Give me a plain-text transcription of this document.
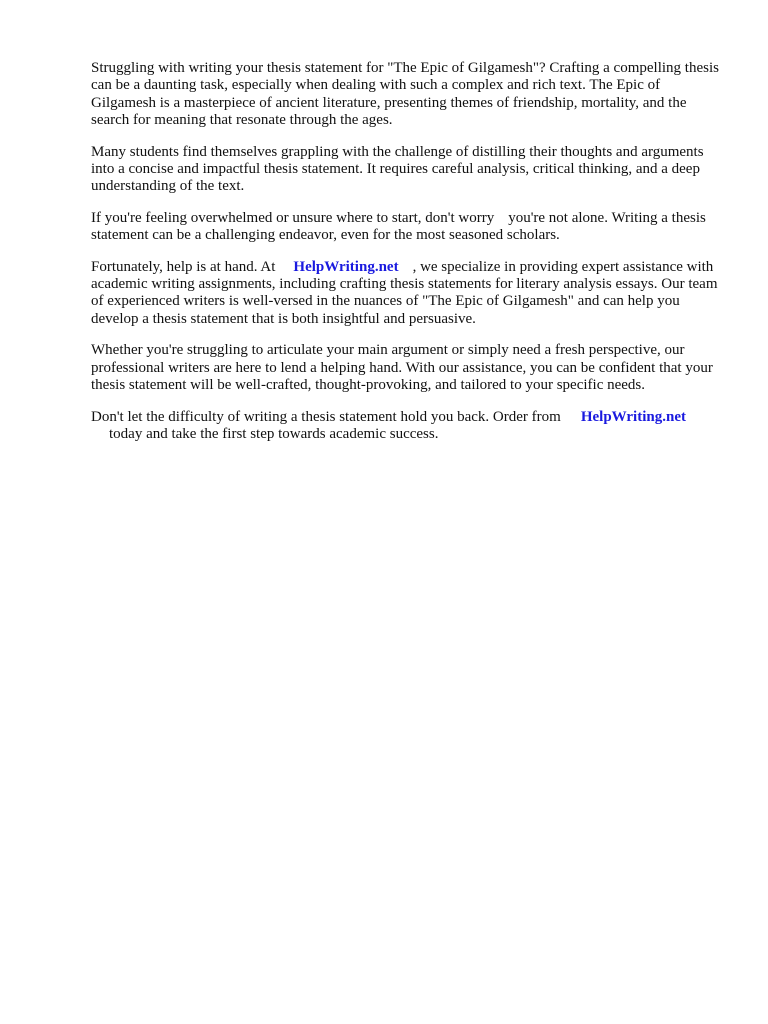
Struggling with writing your thesis statement for "The Epic of Gilgamesh"? Crafting a compelling thesis can be a daunting task, especially when dealing with such a complex and rich text. The Epic of Gilgamesh is a masterpiece of ancient literature, presenting themes of friendship, mortality, and the search for meaning that resonate through the ages.

Many students find themselves grappling with the challenge of distilling their thoughts and arguments into a concise and impactful thesis statement. It requires careful analysis, critical thinking, and a deep understanding of the text.

If you're feeling overwhelmed or unsure where to start, don't worry you're not alone. Writing a thesis statement can be a challenging endeavor, even for the most seasoned scholars.

Fortunately, help is at hand. At HelpWriting.net , we specialize in providing expert assistance with academic writing assignments, including crafting thesis statements for literary analysis essays. Our team of experienced writers is well-versed in the nuances of "The Epic of Gilgamesh" and can help you develop a thesis statement that is both insightful and persuasive.

Whether you're struggling to articulate your main argument or simply need a fresh perspective, our professional writers are here to lend a helping hand. With our assistance, you can be confident that your thesis statement will be well-crafted, thought-provoking, and tailored to your specific needs.

Don't let the difficulty of writing a thesis statement hold you back. Order from HelpWriting.net
today and take the first step towards academic success.
